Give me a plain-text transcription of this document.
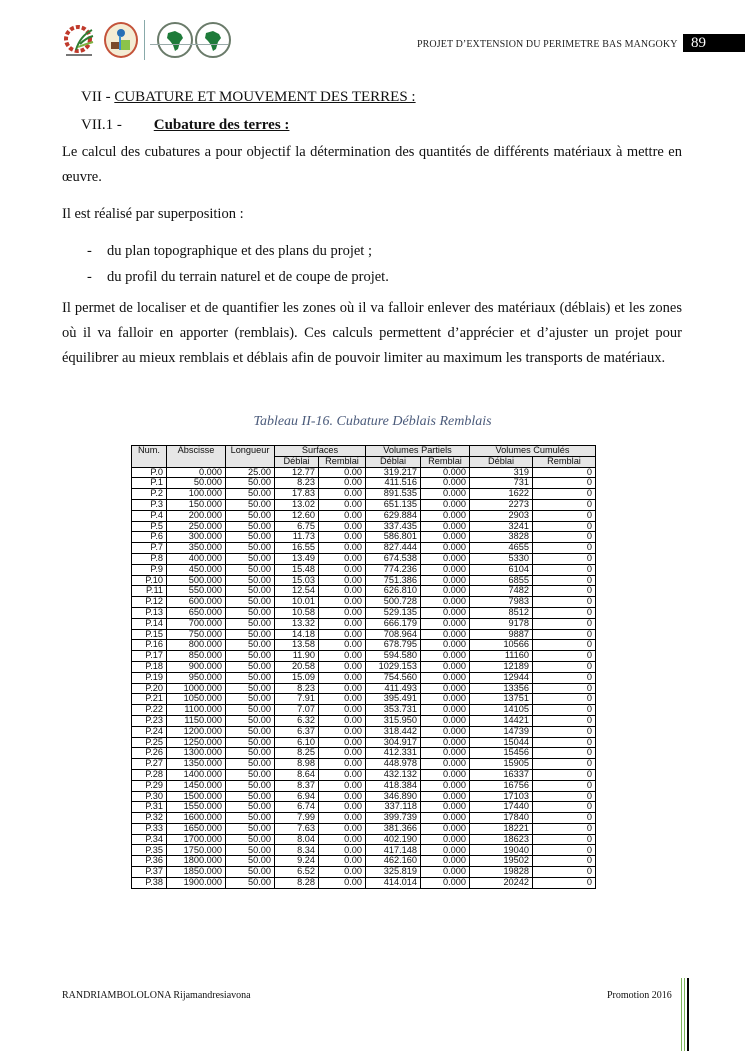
PROJET D’EXTENSION DU PERIMETRE BAS MANGOKY 89
VII - CUBATURE ET MOUVEMENT DES TERRES :
VII.1 - Cubature des terres :
Le calcul des cubatures a pour objectif la détermination des quantités de différents matériaux à mettre en œuvre.
Il est réalisé par superposition :
-	du plan topographique et des plans du projet ;
-	du profil du terrain naturel et de coupe de projet.
Il permet de localiser et de quantifier les zones où il va falloir enlever des matériaux (déblais) et les zones où il va falloir en apporter (remblais). Ces calculs permettent d’apprécier et d’ajuster un projet pour équilibrer au mieux remblais et déblais afin de pouvoir limiter au maximum les transports de matériaux.
Tableau II-16. Cubature Déblais Remblais
Num.	Abscisse	Longueur	Surfaces		Volumes Partiels		Volumes Cumulés	
			Déblai	Remblai	Déblai	Remblai	Déblai	Remblai
P.0	0.000	25.00	12.77	0.00	319.217	0.000	319	0
P.1	50.000	50.00	8.23	0.00	411.516	0.000	731	0
P.2	100.000	50.00	17.83	0.00	891.535	0.000	1622	0
P.3	150.000	50.00	13.02	0.00	651.135	0.000	2273	0
P.4	200.000	50.00	12.60	0.00	629.884	0.000	2903	0
P.5	250.000	50.00	6.75	0.00	337.435	0.000	3241	0
P.6	300.000	50.00	11.73	0.00	586.801	0.000	3828	0
P.7	350.000	50.00	16.55	0.00	827.444	0.000	4655	0
P.8	400.000	50.00	13.49	0.00	674.538	0.000	5330	0
P.9	450.000	50.00	15.48	0.00	774.236	0.000	6104	0
P.10	500.000	50.00	15.03	0.00	751.386	0.000	6855	0
P.11	550.000	50.00	12.54	0.00	626.810	0.000	7482	0
P.12	600.000	50.00	10.01	0.00	500.728	0.000	7983	0
P.13	650.000	50.00	10.58	0.00	529.135	0.000	8512	0
P.14	700.000	50.00	13.32	0.00	666.179	0.000	9178	0
P.15	750.000	50.00	14.18	0.00	708.964	0.000	9887	0
P.16	800.000	50.00	13.58	0.00	678.795	0.000	10566	0
P.17	850.000	50.00	11.90	0.00	594.580	0.000	11160	0
P.18	900.000	50.00	20.58	0.00	1029.153	0.000	12189	0
P.19	950.000	50.00	15.09	0.00	754.560	0.000	12944	0
P.20	1000.000	50.00	8.23	0.00	411.493	0.000	13356	0
P.21	1050.000	50.00	7.91	0.00	395.491	0.000	13751	0
P.22	1100.000	50.00	7.07	0.00	353.731	0.000	14105	0
P.23	1150.000	50.00	6.32	0.00	315.950	0.000	14421	0
P.24	1200.000	50.00	6.37	0.00	318.442	0.000	14739	0
P.25	1250.000	50.00	6.10	0.00	304.917	0.000	15044	0
P.26	1300.000	50.00	8.25	0.00	412.331	0.000	15456	0
P.27	1350.000	50.00	8.98	0.00	448.978	0.000	15905	0
P.28	1400.000	50.00	8.64	0.00	432.132	0.000	16337	0
P.29	1450.000	50.00	8.37	0.00	418.384	0.000	16756	0
P.30	1500.000	50.00	6.94	0.00	346.890	0.000	17103	0
P.31	1550.000	50.00	6.74	0.00	337.118	0.000	17440	0
P.32	1600.000	50.00	7.99	0.00	399.739	0.000	17840	0
P.33	1650.000	50.00	7.63	0.00	381.366	0.000	18221	0
P.34	1700.000	50.00	8.04	0.00	402.190	0.000	18623	0
P.35	1750.000	50.00	8.34	0.00	417.148	0.000	19040	0
P.36	1800.000	50.00	9.24	0.00	462.160	0.000	19502	0
P.37	1850.000	50.00	6.52	0.00	325.819	0.000	19828	0
P.38	1900.000	50.00	8.28	0.00	414.014	0.000	20242	0
RANDRIAMBOLOLONA Rijamandresiavona	Promotion 2016
